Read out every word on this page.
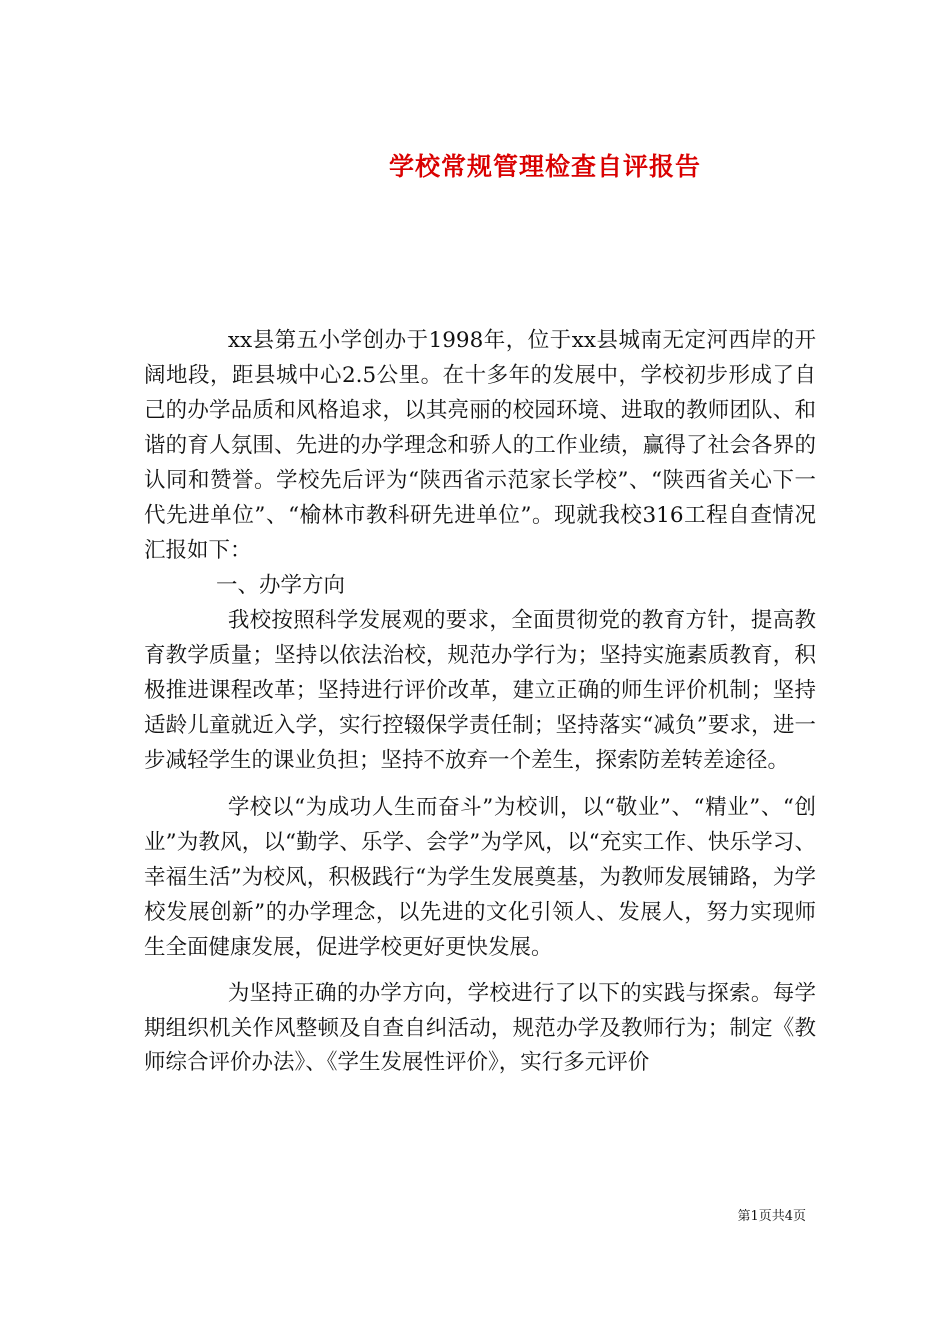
学校常规管理检查自评报告

xx县第五小学创办于1998年，位于xx县城南无定河西岸的开阔地段，距县城中心2.5公里。在十多年的发展中，学校初步形成了自己的办学品质和风格追求，以其亮丽的校园环境、进取的教师团队、和谐的育人氛围、先进的办学理念和骄人的工作业绩，赢得了社会各界的认同和赞誉。学校先后评为“陕西省示范家长学校”、“陕西省关心下一代先进单位”、“榆林市教科研先进单位”。现就我校316工程自查情况汇报如下：

一、办学方向

我校按照科学发展观的要求，全面贯彻党的教育方针，提高教育教学质量；坚持以依法治校，规范办学行为；坚持实施素质教育，积极推进课程改革；坚持进行评价改革，建立正确的师生评价机制；坚持适龄儿童就近入学，实行控辍保学责任制；坚持落实“减负”要求，进一步减轻学生的课业负担；坚持不放弃一个差生，探索防差转差途径。

学校以“为成功人生而奋斗”为校训，以“敬业”、“精业”、“创业”为教风，以“勤学、乐学、会学”为学风，以“充实工作、快乐学习、幸福生活”为校风，积极践行“为学生发展奠基，为教师发展铺路，为学校发展创新”的办学理念，以先进的文化引领人、发展人，努力实现师生全面健康发展，促进学校更好更快发展。

为坚持正确的办学方向，学校进行了以下的实践与探索。每学期组织机关作风整顿及自查自纠活动，规范办学及教师行为；制定《教师综合评价办法》、《学生发展性评价》，实行多元评价

第1页共4页
